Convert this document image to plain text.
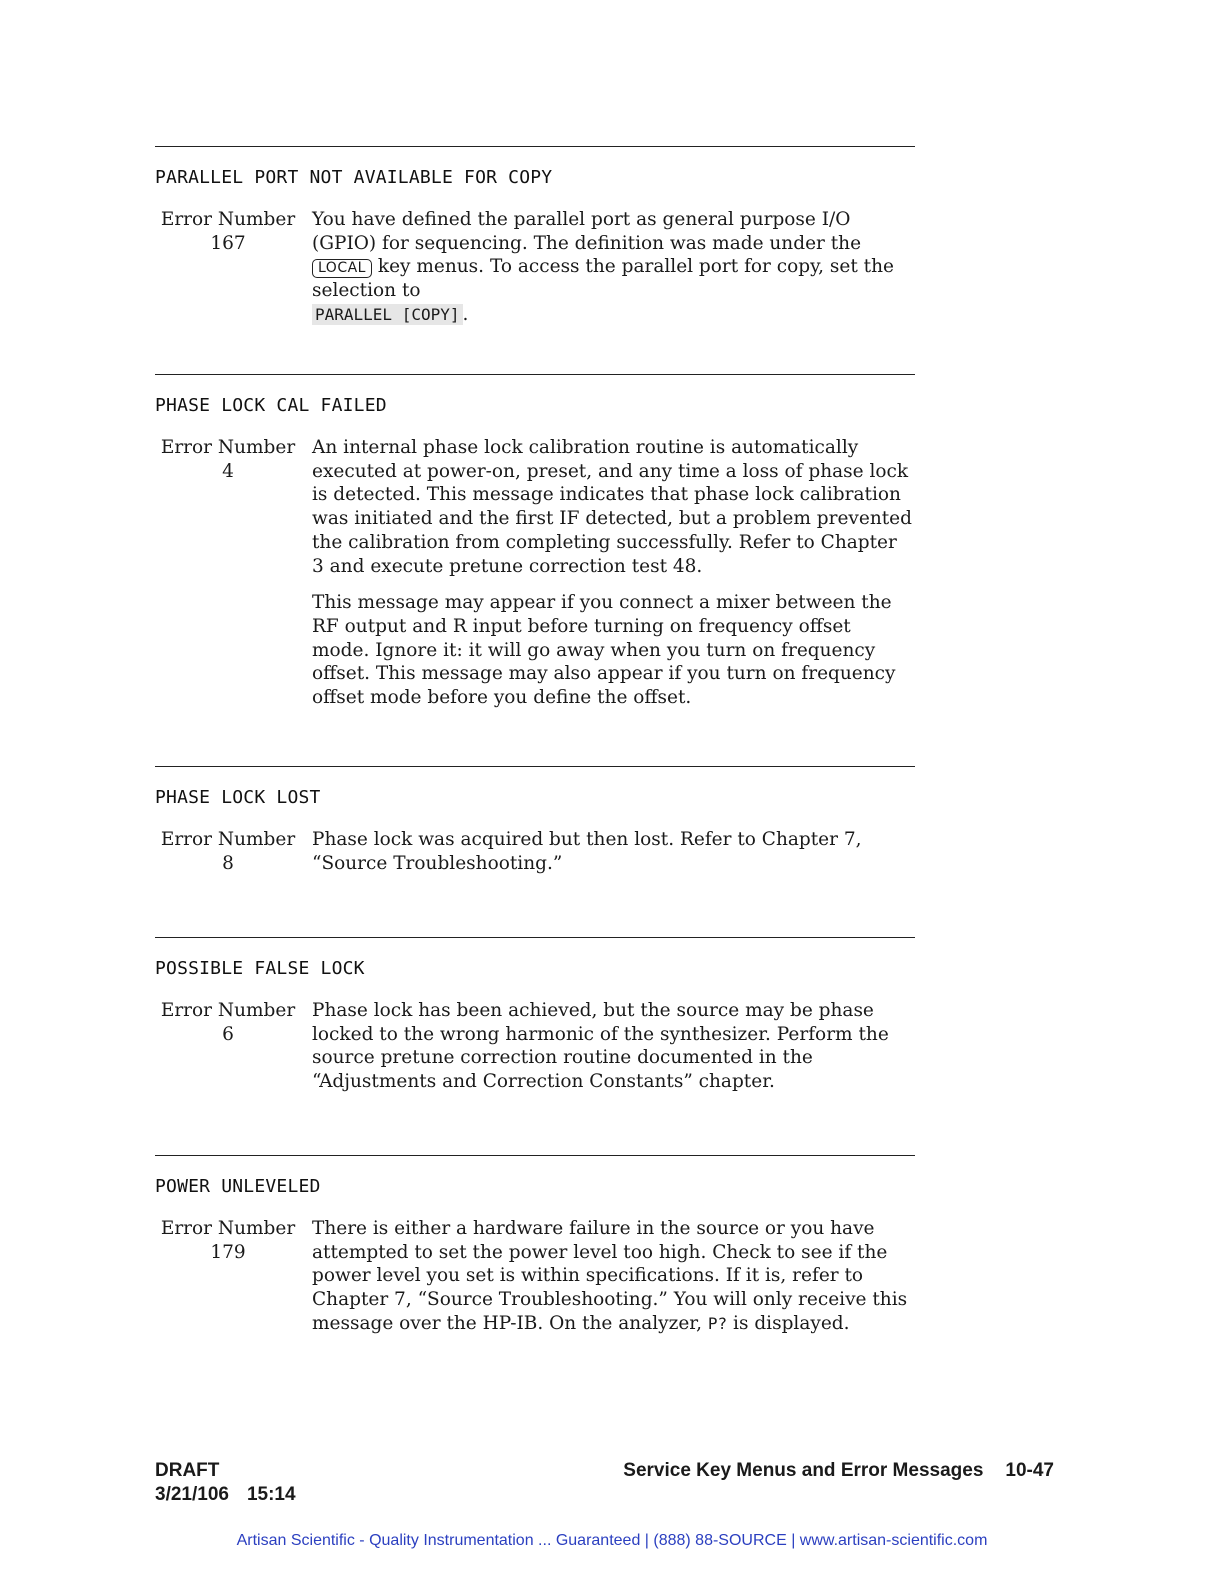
PARALLEL PORT NOT AVAILABLE FOR COPY
Error Number
167

You have defined the parallel port as general purpose I/O (GPIO) for sequencing. The definition was made under the LOCAL key menus. To access the parallel port for copy, set the selection to
PARALLEL [COPY] .

PHASE LOCK CAL FAILED
Error Number
4

An internal phase lock calibration routine is automatically executed at power-on, preset, and any time a loss of phase lock is detected. This message indicates that phase lock calibration was initiated and the first IF detected, but a problem prevented the calibration from completing successfully. Refer to Chapter 3 and execute pretune correction test 48.

This message may appear if you connect a mixer between the RF output and R input before turning on frequency offset mode. Ignore it: it will go away when you turn on frequency offset. This message may also appear if you turn on frequency offset mode before you define the offset.

PHASE LOCK LOST
Error Number
8

Phase lock was acquired but then lost. Refer to Chapter 7, “Source Troubleshooting.”

POSSIBLE FALSE LOCK
Error Number
6

Phase lock has been achieved, but the source may be phase locked to the wrong harmonic of the synthesizer. Perform the source pretune correction routine documented in the “Adjustments and Correction Constants” chapter.

POWER UNLEVELED
Error Number
179

There is either a hardware failure in the source or you have attempted to set the power level too high. Check to see if the power level you set is within specifications. If it is, refer to Chapter 7, “Source Troubleshooting.” You will only receive this message over the HP-IB. On the analyzer, P? is displayed.

DRAFT
3/21/106 15:14
Service Key Menus and Error Messages 10-47
Artisan Scientific - Quality Instrumentation ... Guaranteed | (888) 88-SOURCE | www.artisan-scientific.com
